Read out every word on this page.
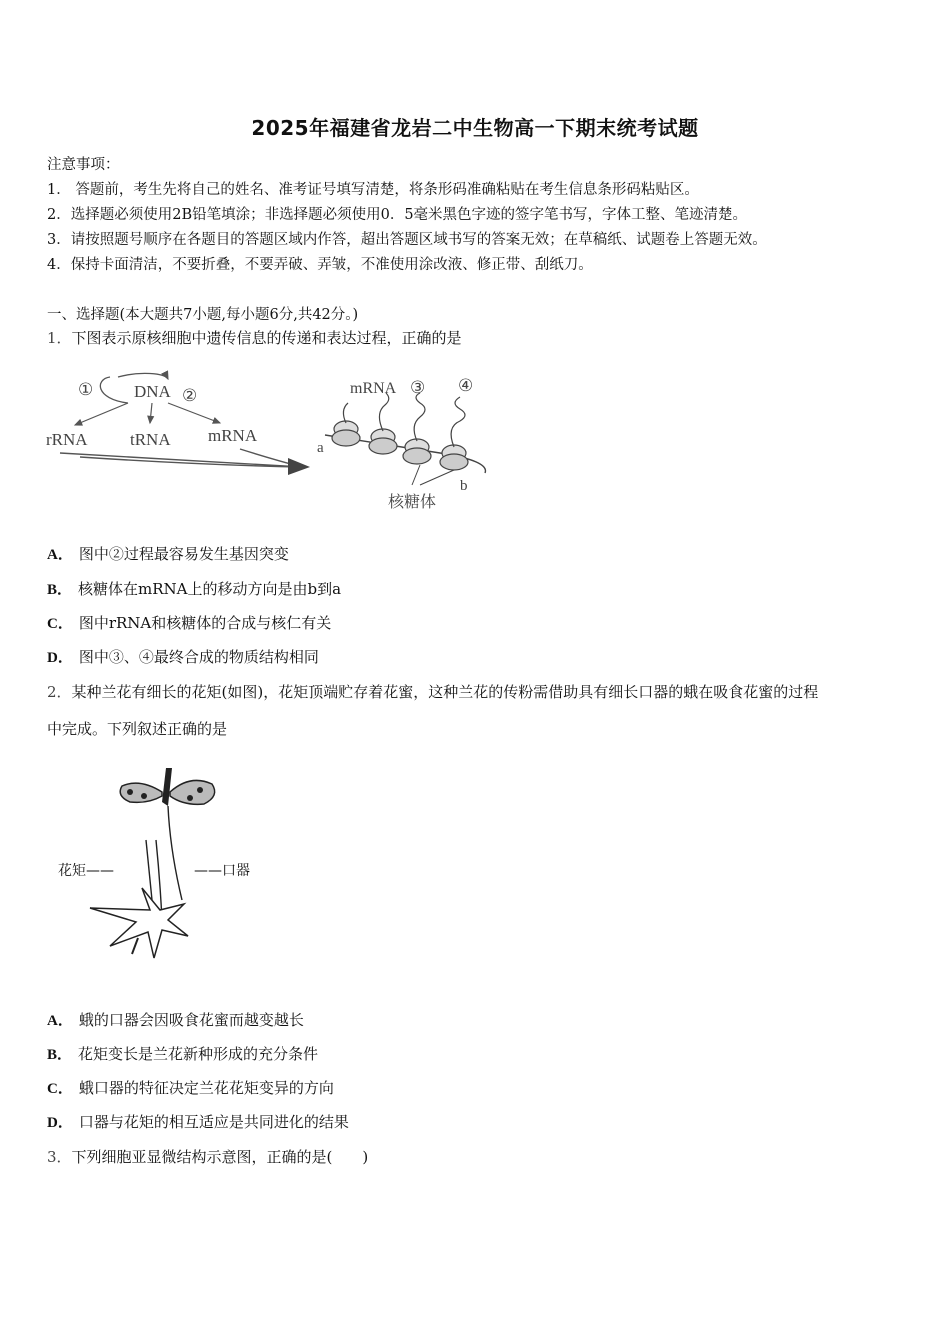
2025年福建省龙岩二中生物高一下期末统考试题
注意事项：
1． 答题前，考生先将自己的姓名、准考证号填写清楚，将条形码准确粘贴在考生信息条形码粘贴区。
2．选择题必须使用2B铅笔填涂；非选择题必须使用0．5毫米黑色字迹的签字笔书写，字体工整、笔迹清楚。
3．请按照题号顺序在各题目的答题区域内作答，超出答题区域书写的答案无效；在草稿纸、试题卷上答题无效。
4．保持卡面清洁，不要折叠，不要弄破、弄皱，不准使用涂改液、修正带、刮纸刀。
一、选择题(本大题共7小题,每小题6分,共42分。)
1．下图表示原核细胞中遗传信息的传递和表达过程，正确的是
① DNA ②
rRNA tRNA mRNA
mRNA ③ ④
a
b
核糖体
A． 图中②过程最容易发生基因突变
B． 核糖体在mRNA上的移动方向是由b到a
C． 图中rRNA和核糖体的合成与核仁有关
D． 图中③、④最终合成的物质结构相同
2．某种兰花有细长的花矩(如图)，花矩顶端贮存着花蜜，这种兰花的传粉需借助具有细长口器的蛾在吸食花蜜的过程
中完成。下列叙述正确的是
花矩——	——口器
A． 蛾的口器会因吸食花蜜而越变越长
B． 花矩变长是兰花新种形成的充分条件
C． 蛾口器的特征决定兰花花矩变异的方向
D． 口器与花矩的相互适应是共同进化的结果
3．下列细胞亚显微结构示意图，正确的是(　　)
